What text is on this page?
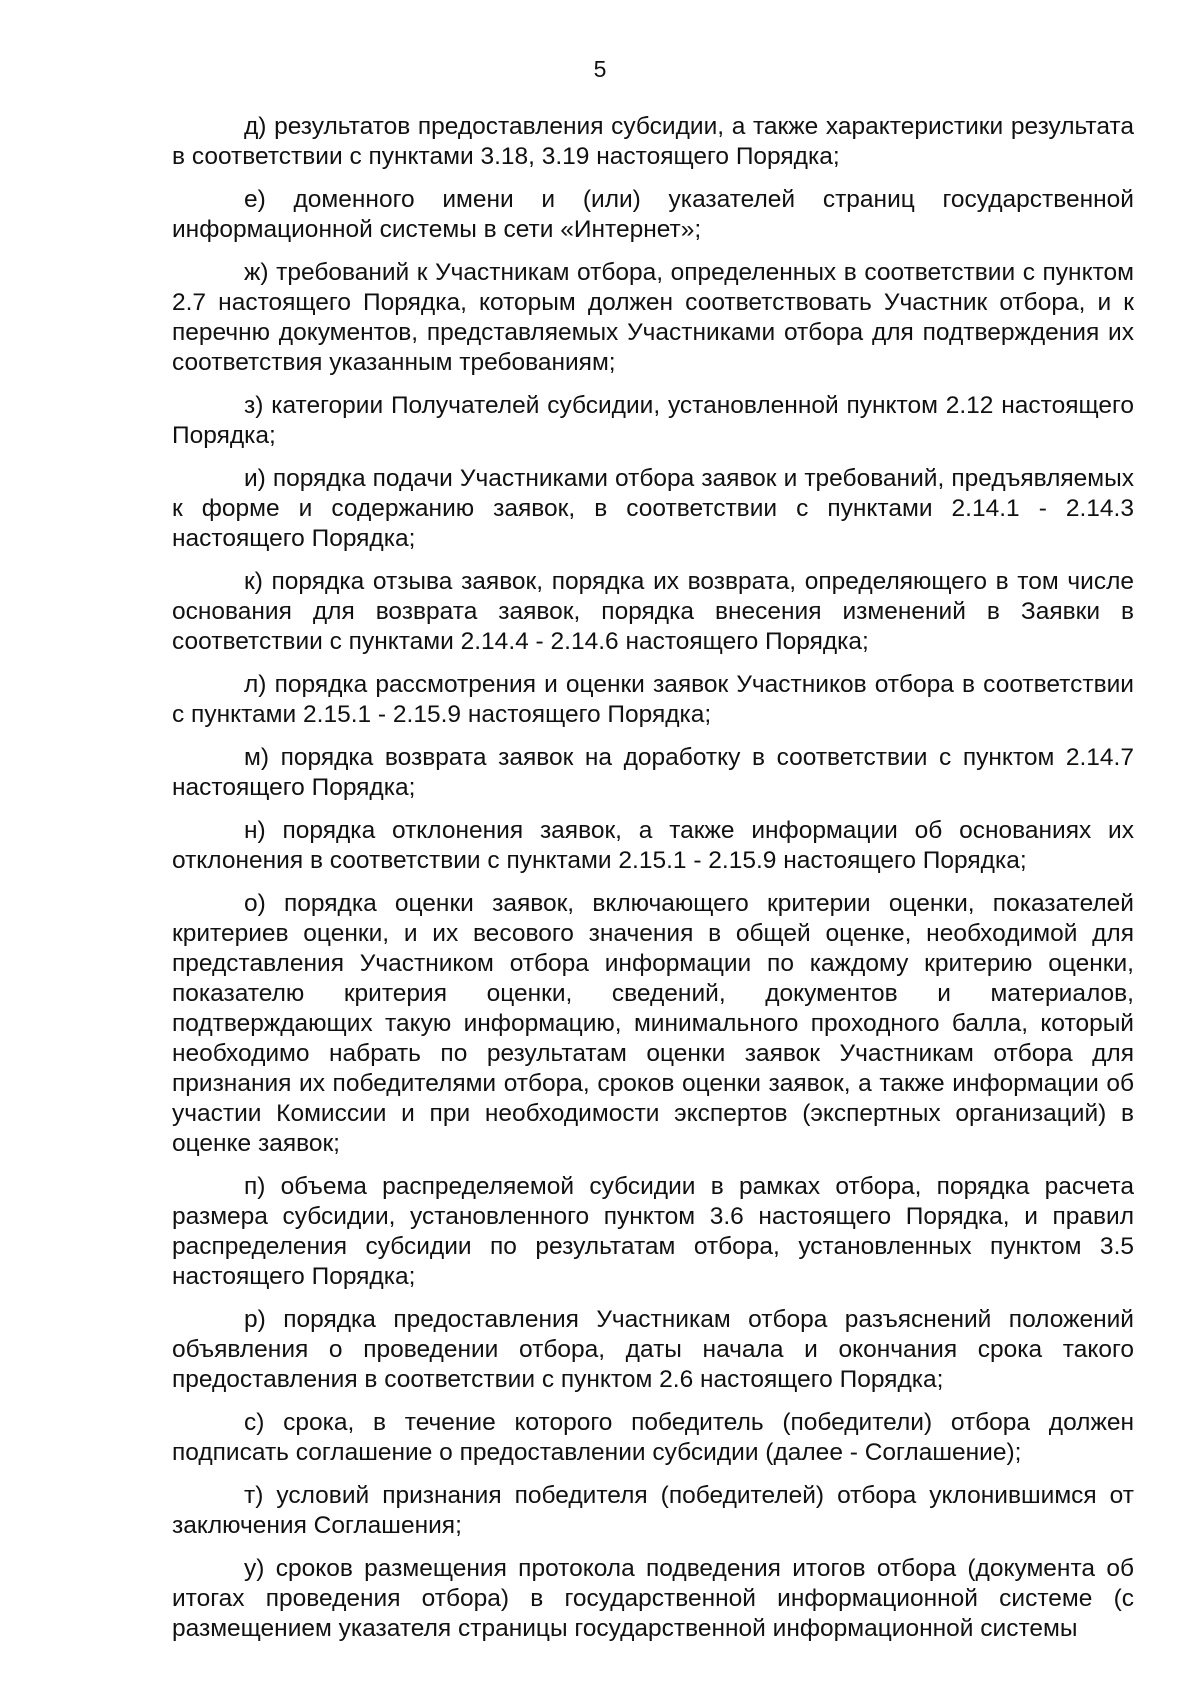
5

д) результатов предоставления субсидии, а также характеристики результата в соответствии с пунктами 3.18, 3.19 настоящего Порядка;

е) доменного имени и (или) указателей страниц государственной информационной системы в сети «Интернет»;

ж) требований к Участникам отбора, определенных в соответствии с пунктом 2.7 настоящего Порядка, которым должен соответствовать Участник отбора, и к перечню документов, представляемых Участниками отбора для подтверждения их соответствия указанным требованиям;

з) категории Получателей субсидии, установленной пунктом 2.12 настоящего Порядка;

и) порядка подачи Участниками отбора заявок и требований, предъявляемых к форме и содержанию заявок, в соответствии с пунктами 2.14.1 - 2.14.3 настоящего Порядка;

к) порядка отзыва заявок, порядка их возврата, определяющего в том числе основания для возврата заявок, порядка внесения изменений в Заявки в соответствии с пунктами 2.14.4 - 2.14.6 настоящего Порядка;

л) порядка рассмотрения и оценки заявок Участников отбора в соответствии с пунктами 2.15.1 - 2.15.9 настоящего Порядка;

м) порядка возврата заявок на доработку в соответствии с пунктом 2.14.7 настоящего Порядка;

н) порядка отклонения заявок, а также информации об основаниях их отклонения в соответствии с пунктами 2.15.1 - 2.15.9 настоящего Порядка;

о) порядка оценки заявок, включающего критерии оценки, показателей критериев оценки, и их весового значения в общей оценке, необходимой для представления Участником отбора информации по каждому критерию оценки, показателю критерия оценки, сведений, документов и материалов, подтверждающих такую информацию, минимального проходного балла, который необходимо набрать по результатам оценки заявок Участникам отбора для признания их победителями отбора, сроков оценки заявок, а также информации об участии Комиссии и при необходимости экспертов (экспертных организаций) в оценке заявок;

п) объема распределяемой субсидии в рамках отбора, порядка расчета размера субсидии, установленного пунктом 3.6 настоящего Порядка, и правил распределения субсидии по результатам отбора, установленных пунктом 3.5 настоящего Порядка;

р) порядка предоставления Участникам отбора разъяснений положений объявления о проведении отбора, даты начала и окончания срока такого предоставления в соответствии с пунктом 2.6 настоящего Порядка;

с) срока, в течение которого победитель (победители) отбора должен подписать соглашение о предоставлении субсидии (далее - Соглашение);

т) условий признания победителя (победителей) отбора уклонившимся от заключения Соглашения;

у) сроков размещения протокола подведения итогов отбора (документа об итогах проведения отбора) в государственной информационной системе (с размещением указателя страницы государственной информационной системы
